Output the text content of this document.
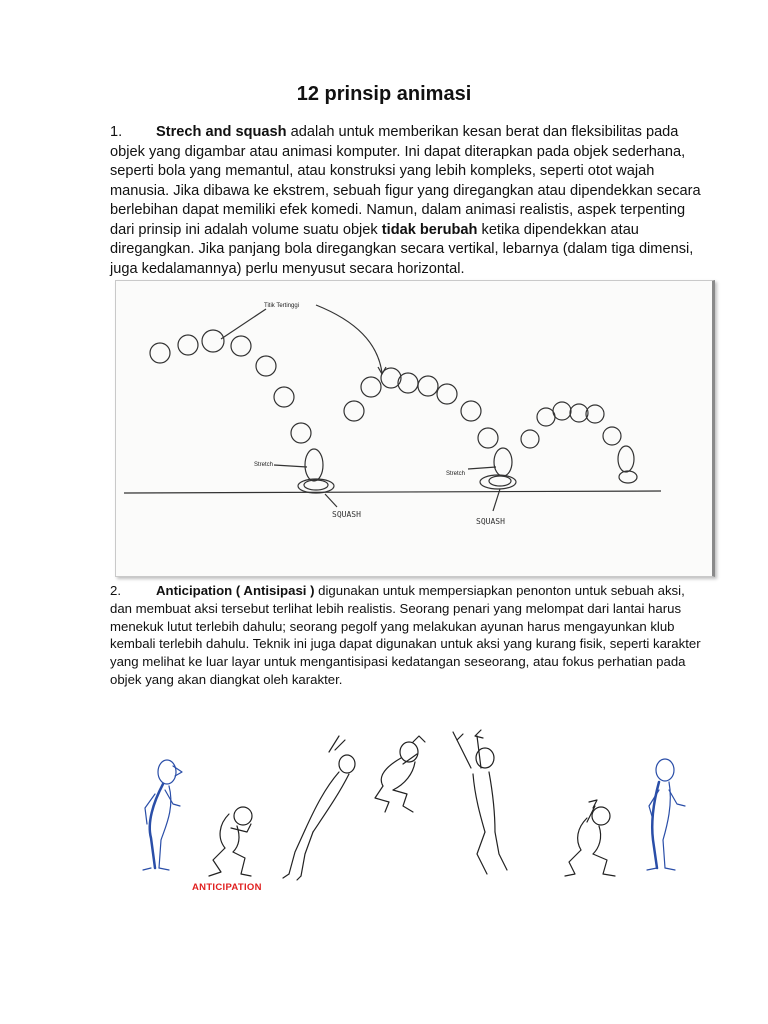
12 prinsip animasi

1. Strech and squash adalah untuk memberikan kesan berat dan fleksibilitas pada objek yang digambar atau animasi komputer. Ini dapat diterapkan pada objek sederhana, seperti bola yang memantul, atau konstruksi yang lebih kompleks, seperti otot wajah manusia. Jika dibawa ke ekstrem, sebuah figur yang diregangkan atau dipendekkan secara berlebihan dapat memiliki efek komedi. Namun, dalam animasi realistis, aspek terpenting dari prinsip ini adalah volume suatu objek tidak berubah ketika dipendekkan atau diregangkan. Jika panjang bola diregangkan secara vertikal, lebarnya (dalam tiga dimensi, juga kedalamannya) perlu menyusut secara horizontal.

Titik Tertinggi
Stretch
Stretch
SQUASH
SQUASH

2.	Anticipation ( Antisipasi ) digunakan untuk mempersiapkan penonton untuk sebuah aksi, dan membuat aksi tersebut terlihat lebih realistis. Seorang penari yang melompat dari lantai harus menekuk lutut terlebih dahulu; seorang pegolf yang melakukan ayunan harus mengayunkan klub kembali terlebih dahulu. Teknik ini juga dapat digunakan untuk aksi yang kurang fisik, seperti karakter yang melihat ke luar layar untuk mengantisipasi kedatangan seseorang, atau fokus perhatian pada objek yang akan diangkat oleh karakter.

ANTICIPATION
